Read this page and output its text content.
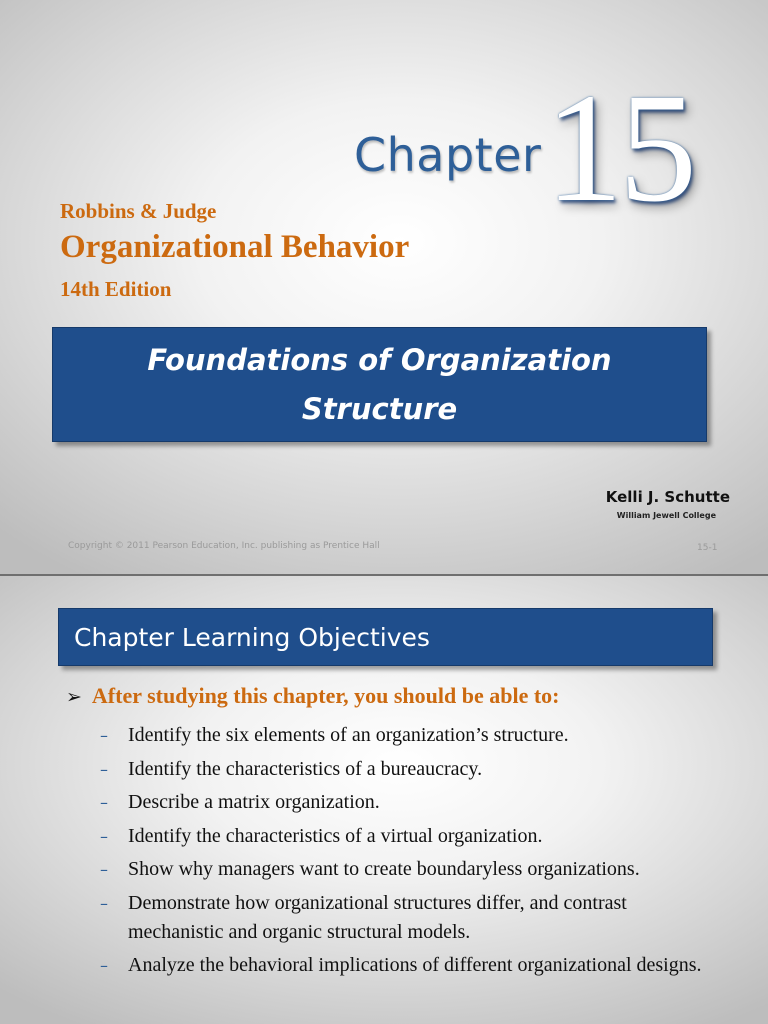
Chapter 15
Robbins & Judge
Organizational Behavior
14th Edition
Foundations of Organization
Structure
Kelli J. Schutte
William Jewell College
Copyright © 2011 Pearson Education, Inc. publishing as Prentice Hall	15-1
Chapter Learning Objectives
➢ After studying this chapter, you should be able to:
–	Identify the six elements of an organization’s structure.
–	Identify the characteristics of a bureaucracy.
–	Describe a matrix organization.
–	Identify the characteristics of a virtual organization.
–	Show why managers want to create boundaryless organizations.
–	Demonstrate how organizational structures differ, and contrast mechanistic and organic structural models.
–	Analyze the behavioral implications of different organizational designs.
